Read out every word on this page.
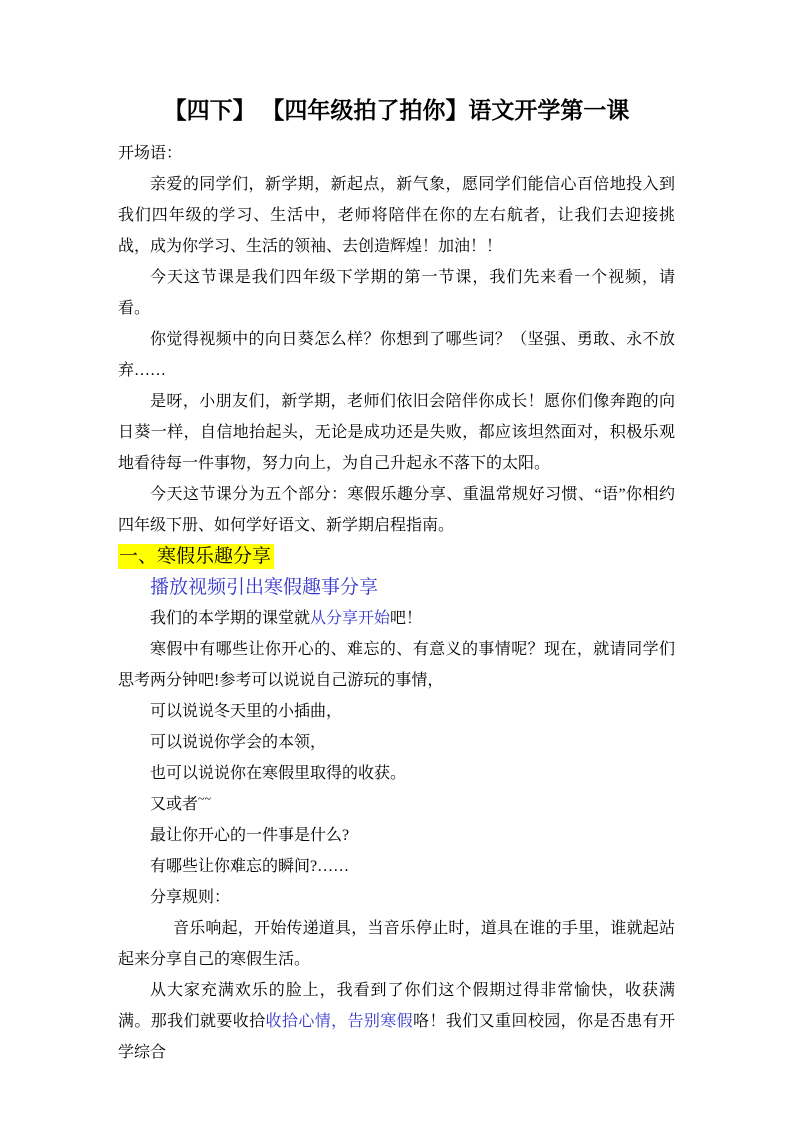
【四下】 【四年级拍了拍你】语文开学第一课

开场语：

亲爱的同学们，新学期，新起点，新气象，愿同学们能信心百倍地投入到我们四年级的学习、生活中，老师将陪伴在你的左右航者，让我们去迎接挑战，成为你学习、生活的领袖、去创造辉煌！加油！！

今天这节课是我们四年级下学期的第一节课，我们先来看一个视频，请看。

你觉得视频中的向日葵怎么样？你想到了哪些词？（坚强、勇敢、永不放弃……

是呀，小朋友们，新学期，老师们依旧会陪伴你成长！愿你们像奔跑的向日葵一样，自信地抬起头，无论是成功还是失败，都应该坦然面对，积极乐观地看待每一件事物，努力向上，为自己升起永不落下的太阳。

今天这节课分为五个部分：寒假乐趣分享、重温常规好习惯、“语”你相约四年级下册、如何学好语文、新学期启程指南。

一、寒假乐趣分享

播放视频引出寒假趣事分享

我们的本学期的课堂就从分享开始吧！

寒假中有哪些让你开心的、难忘的、有意义的事情呢？现在，就请同学们思考两分钟吧!参考可以说说自己游玩的事情，

可以说说冬天里的小插曲，

可以说说你学会的本领，

也可以说说你在寒假里取得的收获。

又或者~~

最让你开心的一件事是什么?

有哪些让你难忘的瞬间?……

分享规则：

音乐响起，开始传递道具，当音乐停止时，道具在谁的手里，谁就起站起来分享自己的寒假生活。

从大家充满欢乐的脸上，我看到了你们这个假期过得非常愉快，收获满满。那我们就要收拾收拾心情，告别寒假咯！我们又重回校园，你是否患有开学综合
